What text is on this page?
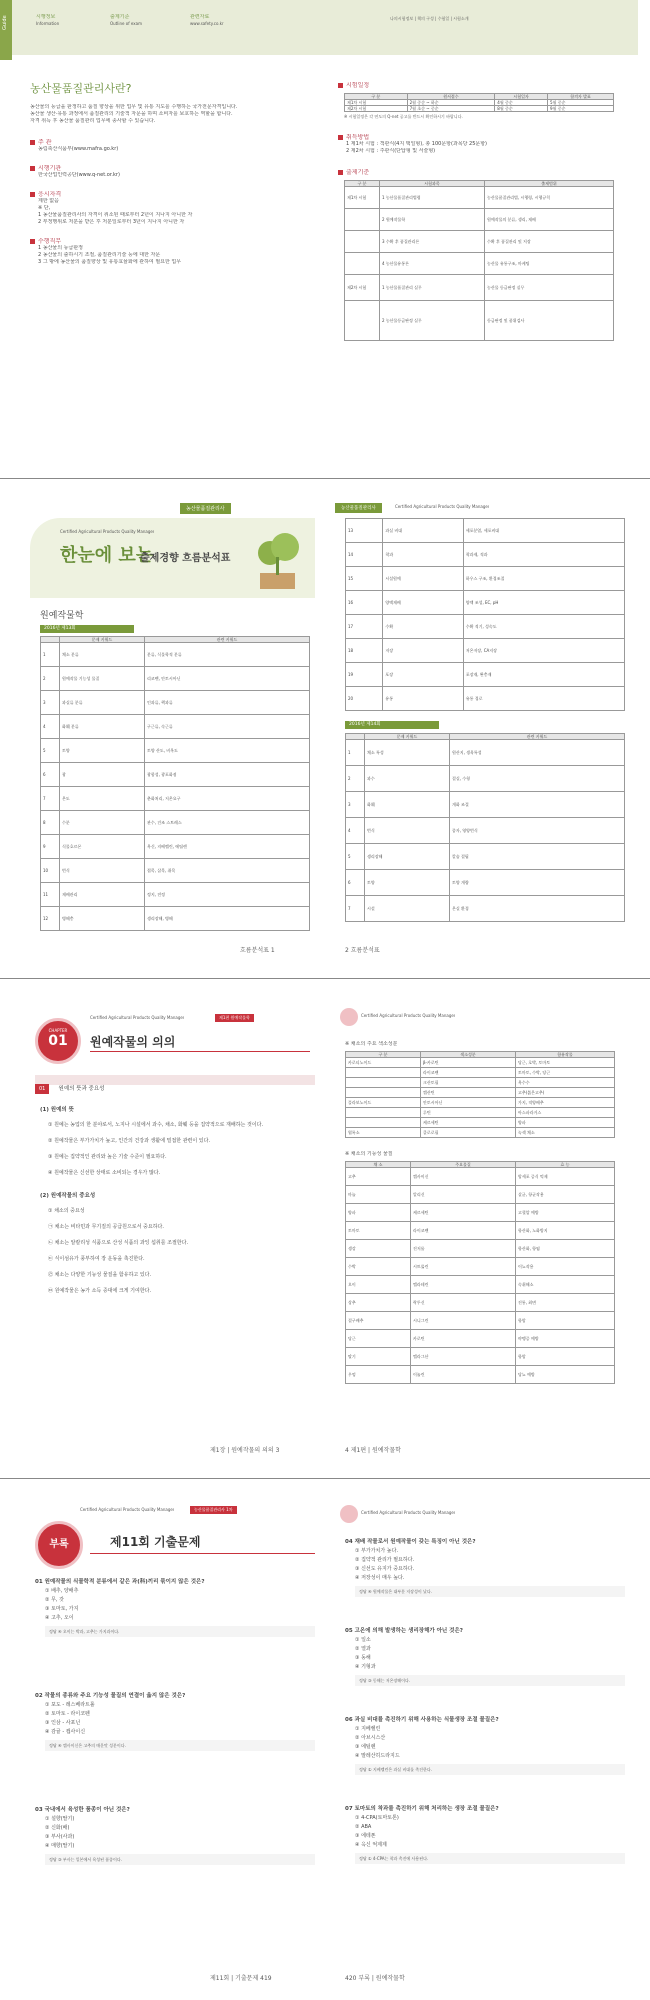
Guide	시행정보
Information
출제기준
Outline of exam
관련자료
www.safety.co.kr
나의시험정보 | 책의 구성 | 수험일 | 시험소개
농산물품질관리사란?
농산물의 등급을 판정하고 품질 향상을 위한 업무 및 유통 지도를 수행하는 국가전문자격입니다.
농산물 생산·유통 과정에서 품질관리의 기술적 자문을 하며 소비자를 보호하는 역할을 합니다.
자격 취득 후 농산물 품질관리 업무에 종사할 수 있습니다.
주 관
농림축산식품부(www.mafra.go.kr)
시행기관
한국산업인력공단(www.q-net.or.kr)
응시자격
제한 없음
※ 단,
1 농산물품질관리사의 자격이 취소된 때로부터 2년이 지나지 아니한 자
2 부정행위로 처분을 받은 후 처분일로부터 3년이 지나지 아니한 자
수행직무
1 농산물의 등급판정
2 농산물의 출하시기 조절, 품질관리기술 등에 대한 자문
3 그 밖에 농산물의 품질향상 및 유통효율화에 관하여 필요한 업무
시험일정
구 분	원서접수	시험일자	합격자 발표
제1차 시험	2월 중순 ~ 하순	4월 중순	5월 중순
제2차 시험	7월 초순 ~ 중순	8월 중순	9월 중순
※ 시험일정은 각 연도의 Q-net 공고를 반드시 확인하시기 바랍니다.
취득방법
1 제1차 시험 : 객관식(4지 택일형), 총 100문항(과목당 25문항)
2 제2차 시험 : 주관식(단답형 및 서술형)
출제기준
구 분	시험과목	출제범위
제1차 시험	1 농산물품질관리법령	농산물품질관리법, 시행령, 시행규칙
	2 원예작물학	원예작물의 분류, 생리, 재배
	3 수확 후 품질관리론	수확 후 품질관리 및 저장
	4 농산물유통론	농산물 유통구조, 마케팅
제2차 시험	1 농산물품질관리 실무	농산물 등급판정 실무
	2 농산물등급판정 실무	등급판정 및 품위검사
농산물품질관리사
Certified Agricultural Products Quality Manager
한눈에 보는
출제경향 흐름분석표
원예작물학
2016년 제13회
	문제 키워드	관련 키워드
1	채소 분류	분류, 식물학적 분류
2	원예작물 기능성 물질	리코펜, 안토시아닌
3	과실류 분류	인과류, 핵과류
4	화훼 분류	구근류, 숙근류
5	토양	토양 산도, 비옥도
6	광	광합성, 광포화점
7	온도	춘화처리, 저온요구
8	수분	관수, 건조 스트레스
9	식물호르몬	옥신, 지베렐린, 에틸렌
10	번식	접목, 삽목, 취목
11	재배관리	정지, 전정
12	병해충	생리장해, 병해
흐름분석표 1
농산물품질관리사	Certified Agricultural Products Quality Manager
13	과실 비대	세포분열, 세포비대
14	착과	착과제, 적과
15	시설원예	하우스 구조, 환경조절
16	양액재배	양액 조성, EC, pH
17	수확	수확 적기, 성숙도
18	저장	저온저장, CA저장
19	포장	포장재, 완충재
20	유통	유통 경로
2016년 제14회
	문제 키워드	관련 키워드
1	채소 특성	원산지, 생육특성
2	과수	결실, 수형
3	화훼	개화 조절
4	번식	종자, 영양번식
5	생리장해	칼슘 결핍
6	토양	토양 개량
7	시설	온실 환경
2 흐름분석표
CHAPTER
01
Certified Agricultural Products Quality Manager	제1편 원예작물학
원예작물의 의의
01 원예의 뜻과 중요성
(1) 원예의 뜻
① 원예는 농업의 한 분야로서, 노지나 시설에서 과수, 채소, 화훼 등을 집약적으로 재배하는 것이다.
② 원예작물은 부가가치가 높고, 인간의 건강과 생활에 밀접한 관련이 있다.
③ 원예는 집약적인 관리와 높은 기술 수준이 필요하다.
④ 원예작물은 신선한 상태로 소비되는 경우가 많다.
(2) 원예작물의 중요성
① 채소의 중요성
㉠ 채소는 비타민과 무기질의 공급원으로서 중요하다.
㉡ 채소는 알칼리성 식품으로 산성 식품의 과잉 섭취를 조절한다.
㉢ 식이섬유가 풍부하여 장 운동을 촉진한다.
㉣ 채소는 다양한 기능성 물질을 함유하고 있다.
㉤ 원예작물은 농가 소득 증대에 크게 기여한다.
제1장 | 원예작물의 의의 3
Certified Agricultural Products Quality Manager
※ 채소의 주요 색소성분
구 분	색소성분	함유작물
카로티노이드	β-카로틴	당근, 호박, 토마토
	라이코펜	토마토, 수박, 당근
	크산토필	옥수수
	캡산틴	고추(붉은고추)
플라보노이드	안토시아닌	가지, 적양배추
	루틴	아스파라거스
	케르세틴	양파
엽록소	클로로필	녹색 채소
※ 채소의 기능성 물질
채 소	주요물질	효 능
고추	캡사이신	암세포 증식 억제
마늘	알리신	살균, 항균작용
양파	케르세틴	고혈압 예방
토마토	라이코펜	항산화, 노화방지
생강	진저롤	항산화, 항염
수박	시트룰린	이뇨작용
오이	엘라테린	숙취해소
상추	락투신	진통, 최면
결구배추	시니그린	항암
당근	카로틴	야맹증 예방
딸기	엘라그산	항암
우엉	이눌린	당뇨 예방
4 제1편 | 원예작물학
Certified Agricultural Products Quality Manager	농산물품질관리사 1차
부록	제11회 기출문제
01 원예작물의 식물학적 분류에서 같은 과(科)끼리 묶이지 않은 것은?
① 배추, 양배추
② 무, 갓
③ 토마토, 가지
④ 고추, 오이
정답 ④ 오이는 박과, 고추는 가지과이다.
02 작물의 종류와 주요 기능성 물질의 연결이 옳지 않은 것은?
① 포도 - 레스베라트롤
② 토마토 - 라이코펜
③ 인삼 - 사포닌
④ 감귤 - 캡사이신
정답 ④ 캡사이신은 고추의 매운맛 성분이다.
03 국내에서 육성한 품종이 아닌 것은?
① 설향(딸기)
② 신화(배)
③ 부사(사과)
④ 매향(딸기)
정답 ③ 부사는 일본에서 육성된 품종이다.
제11회 | 기출문제 419
Certified Agricultural Products Quality Manager
04 재배 작물로서 원예작물이 갖는 특징이 아닌 것은?
① 부가가치가 높다.
② 집약적 관리가 필요하다.
③ 신선도 유지가 중요하다.
④ 저장성이 매우 높다.
정답 ④ 원예작물은 대부분 저장성이 낮다.
05 고온에 의해 발생하는 생리장해가 아닌 것은?
① 일소
② 열과
③ 동해
④ 기형과
정답 ③ 동해는 저온장해이다.
06 과실 비대를 촉진하기 위해 사용하는 식물생장 조절 물질은?
① 지베렐린
② 아브시스산
③ 에틸렌
④ 말레산히드라지드
정답 ① 지베렐린은 과실 비대를 촉진한다.
07 토마토의 착과를 촉진하기 위해 처리하는 생장 조절 물질은?
① 4-CPA(토마토톤)
② ABA
③ 에테폰
④ 옥신 억제제
정답 ① 4-CPA는 착과 촉진에 사용된다.
420 부록 | 원예작물학
